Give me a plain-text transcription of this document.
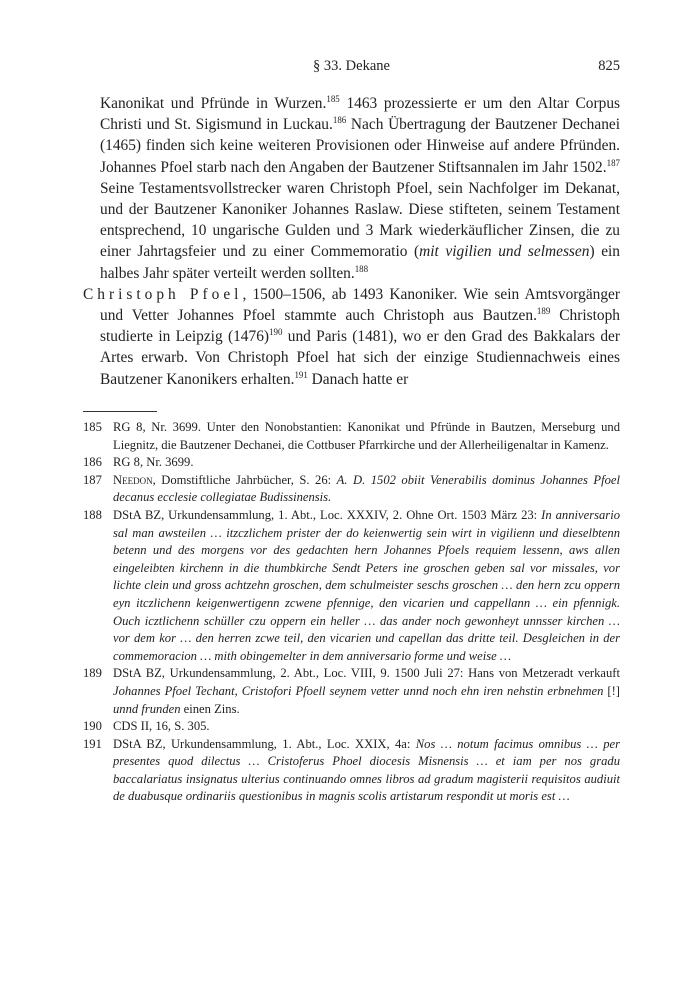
§ 33. Dekane	825

Kanonikat und Pfründe in Wurzen.$^{185}$ 1463 prozessierte er um den Altar Corpus Christi und St. Sigismund in Luckau.$^{186}$ Nach Übertragung der Bautzener Dechanei (1465) finden sich keine weiteren Provisionen oder Hinweise auf andere Pfründen. Johannes Pfoel starb nach den Angaben der Bautzener Stiftsannalen im Jahr 1502.$^{187}$ Seine Testamentsvollstrecker waren Christoph Pfoel, sein Nachfolger im Dekanat, und der Bautzener Kanoniker Johannes Raslaw. Diese stifteten, seinem Testament entsprechend, 10 ungarische Gulden und 3 Mark wiederkäuflicher Zinsen, die zu einer Jahrtagsfeier und zu einer Commemoratio (mit vigilien und selmessen) ein halbes Jahr später verteilt werden sollten.$^{188}$

Christoph Pfoel, 1500–1506, ab 1493 Kanoniker. Wie sein Amtsvorgänger und Vetter Johannes Pfoel stammte auch Christoph aus Bautzen.$^{189}$ Christoph studierte in Leipzig $(1476)^{190}$ und Paris (1481), wo er den Grad des Bakkalars der Artes erwarb. Von Christoph Pfoel hat sich der einzige Studiennachweis eines Bautzener Kanonikers erhalten.$^{191}$ Danach hatte er

185 RG 8, Nr. 3699. Unter den Nonobstantien: Kanonikat und Pfründe in Bautzen, Merseburg und Liegnitz, die Bautzener Dechanei, die Cottbuser Pfarrkirche und der Allerheiligenaltar in Kamenz.
186 RG 8, Nr. 3699.
187 Needon, Domstiftliche Jahrbücher, S. 26: A. D. 1502 obiit Venerabilis dominus Johannes Pfoel decanus ecclesie collegiatae Budissinensis.
188 DStA BZ, Urkundensammlung, 1. Abt., Loc. XXXIV, 2. Ohne Ort. 1503 März 23: In anniversario sal man awsteilen … itzczlichem prister der do keienwertig sein wirt in vigilienn und dieselbtenn betenn und des morgens vor des gedachten hern Johannes Pfoels requiem lessenn, aws allen eingeleibten kirchenn in die thumbkirche Sendt Peters ine groschen geben sal vor missales, vor lichte clein und gross achtzehn groschen, dem schulmeister seschs groschen … den hern zcu oppern eyn itczlichenn keigenwertigenn zcwene pfennige, den vicarien und cappellann … ein pfennigk. Ouch icztlichenn schüller czu oppern ein heller … das ander noch gewonheyt unnsser kirchen … vor dem kor … den herren zcwe teil, den vicarien und capellan das dritte teil. Desgleichen in der commemoracion … mith obingemelter in dem anniversario forme und weise …
189 DStA BZ, Urkundensammlung, 2. Abt., Loc. VIII, 9. 1500 Juli 27: Hans von Metzeradt verkauft Johannes Pfoel Techant, Cristofori Pfoell seynem vetter unnd noch ehn iren nehstin erbnehmen [!] unnd frunden einen Zins.
190 CDS II, 16, S. 305.
191 DStA BZ, Urkundensammlung, 1. Abt., Loc. XXIX, 4a: Nos … notum facimus omnibus … per presentes quod dilectus … Cristoferus Phoel diocesis Misnensis … et iam per nos gradu baccalariatus insignatus ulterius continuando omnes libros ad gradum magisterii requisitos audiuit de duabusque ordinariis questionibus in magnis scolis artistarum respondit ut moris est …
